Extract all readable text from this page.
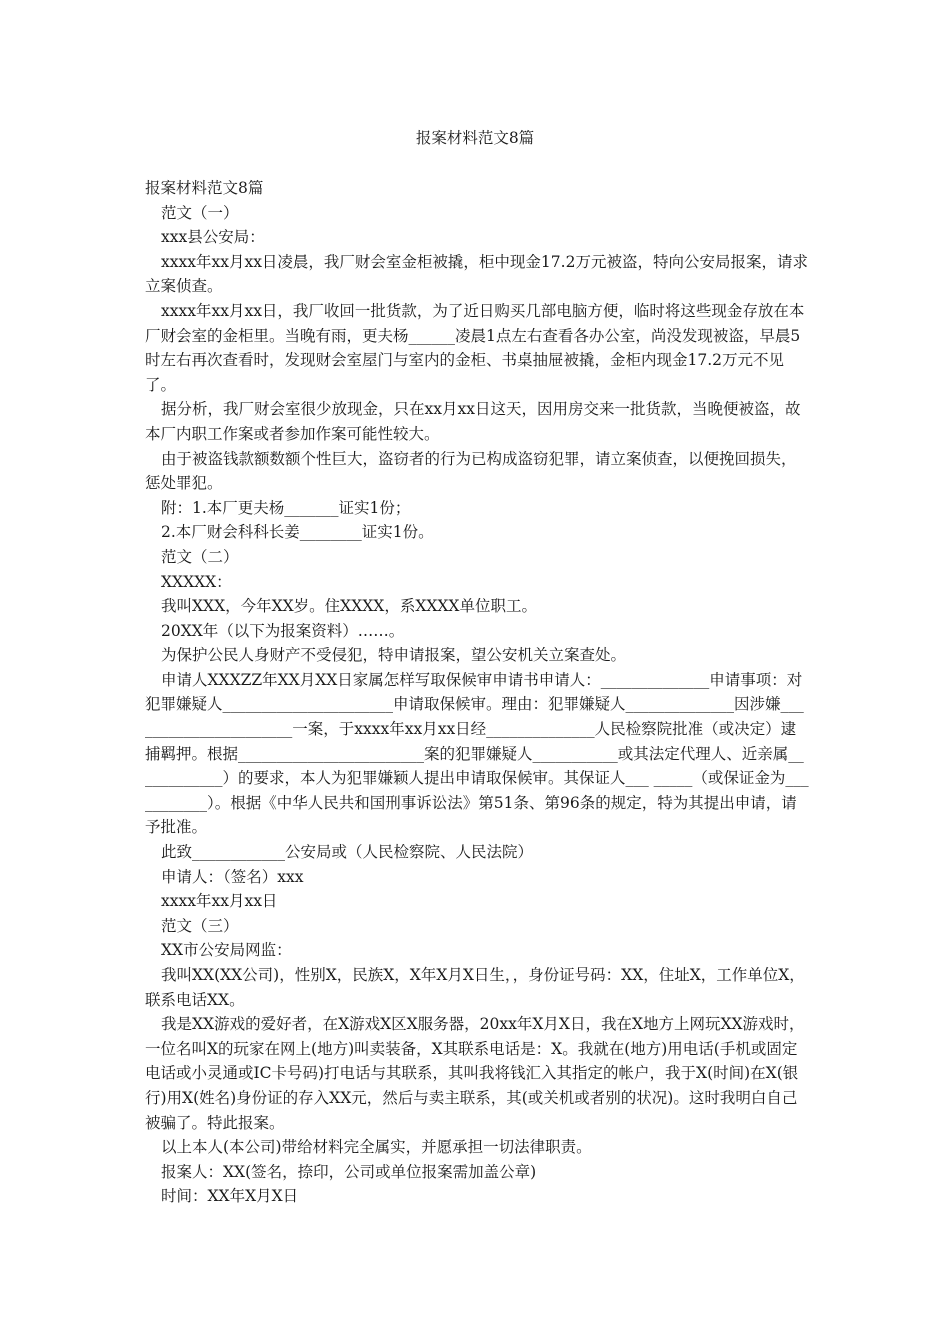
报案材料范文8篇

报案材料范文8篇

范文（一）

xxx县公安局：

xxxx年xx月xx日凌晨，我厂财会室金柜被撬，柜中现金17.2万元被盗，特向公安局报案，请求立案侦查。

xxxx年xx月xx日，我厂收回一批货款，为了近日购买几部电脑方便，临时将这些现金存放在本厂财会室的金柜里。当晚有雨，更夫杨______凌晨1点左右查看各办公室，尚没发现被盗，早晨5时左右再次查看时，发现财会室屋门与室内的金柜、书桌抽屉被撬，金柜内现金17.2万元不见了。

据分析，我厂财会室很少放现金，只在xx月xx日这天，因用房交来一批货款，当晚便被盗，故本厂内职工作案或者参加作案可能性较大。

由于被盗钱款额数额个性巨大，盗窃者的行为已构成盗窃犯罪，请立案侦查，以便挽回损失，惩处罪犯。

附：1.本厂更夫杨_______证实1份；

2.本厂财会科科长姜________证实1份。

范文（二）

XXXXX：

我叫XXX，今年XX岁。住XXXX，系XXXX单位职工。

20XX年（以下为报案资料）……。

为保护公民人身财产不受侵犯，特申请报案，望公安机关立案查处。

申请人XXXZZ年XX月XX日家属怎样写取保候审申请书申请人：______________申请事项：对犯罪嫌疑人______________________申请取保候审。理由：犯罪嫌疑人______________因涉嫌______________________一案，于xxxx年xx月xx日经______________人民检察院批准（或决定）逮捕羁押。根据________________________案的犯罪嫌疑人___________或其法定代理人、近亲属____________）的要求，本人为犯罪嫌颖人提出申请取保候审。其保证人___ _____（或保证金为___________）。根据《中华人民共和国刑事诉讼法》第51条、第96条的规定，特为其提出申请，请予批准。

此致____________公安局或（人民检察院、人民法院）

申请人：（签名）xxx

xxxx年xx月xx日

范文（三）

XX市公安局网监：

我叫XX(XX公司)，性别X，民族X，X年X月X日生，，身份证号码：XX，住址X，工作单位X，联系电话XX。

我是XX游戏的爱好者，在X游戏X区X服务器，20xx年X月X日，我在X地方上网玩XX游戏时，一位名叫X的玩家在网上(地方)叫卖装备，X其联系电话是：X。我就在(地方)用电话(手机或固定电话或小灵通或IC卡号码)打电话与其联系，其叫我将钱汇入其指定的帐户，我于X(时间)在X(银行)用X(姓名)身份证的存入XX元，然后与卖主联系，其(或关机或者别的状况)。这时我明白自己被骗了。特此报案。

以上本人(本公司)带给材料完全属实，并愿承担一切法律职责。

报案人：XX(签名，捺印，公司或单位报案需加盖公章)

时间：XX年X月X日
